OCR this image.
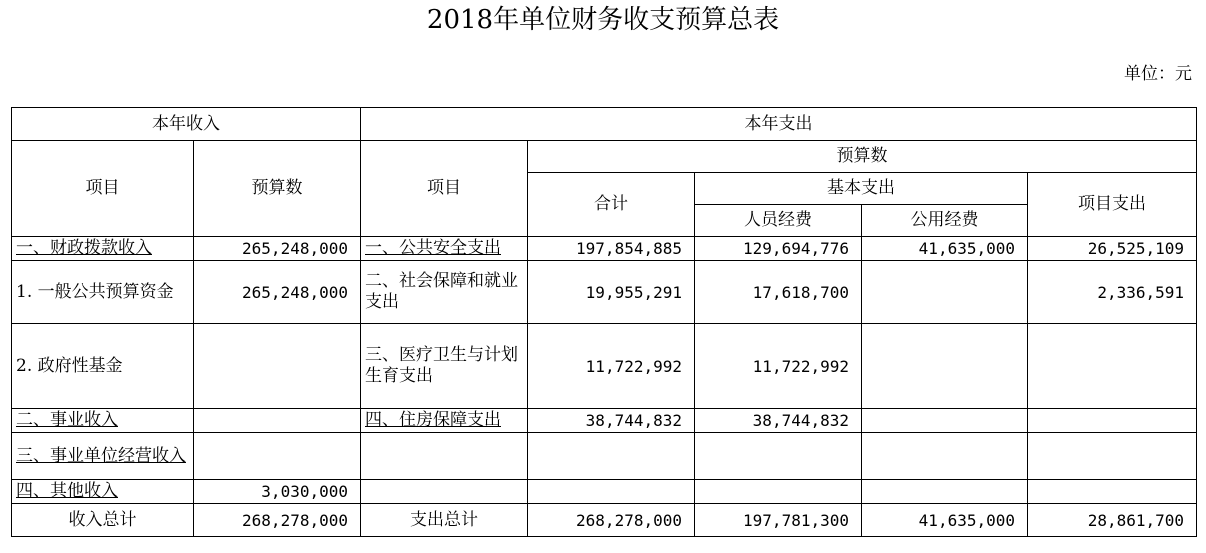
2018年单位财务收支预算总表
单位：元
本年收入		本年支出				
项目	预算数	项目	预算数			
			合计	基本支出		项目支出
				人员经费	公用经费	
一、财政拨款收入	265,248,000	一、公共安全支出	197,854,885	129,694,776	41,635,000	26,525,109
1. 一般公共预算资金	265,248,000	二、社会保障和就业支出	19,955,291	17,618,700		2,336,591
2. 政府性基金		三、医疗卫生与计划生育支出	11,722,992	11,722,992		
二、事业收入		四、住房保障支出	38,744,832	38,744,832		
三、事业单位经营收入						
四、其他收入	3,030,000					
收入总计	268,278,000	支出总计	268,278,000	197,781,300	41,635,000	28,861,700
